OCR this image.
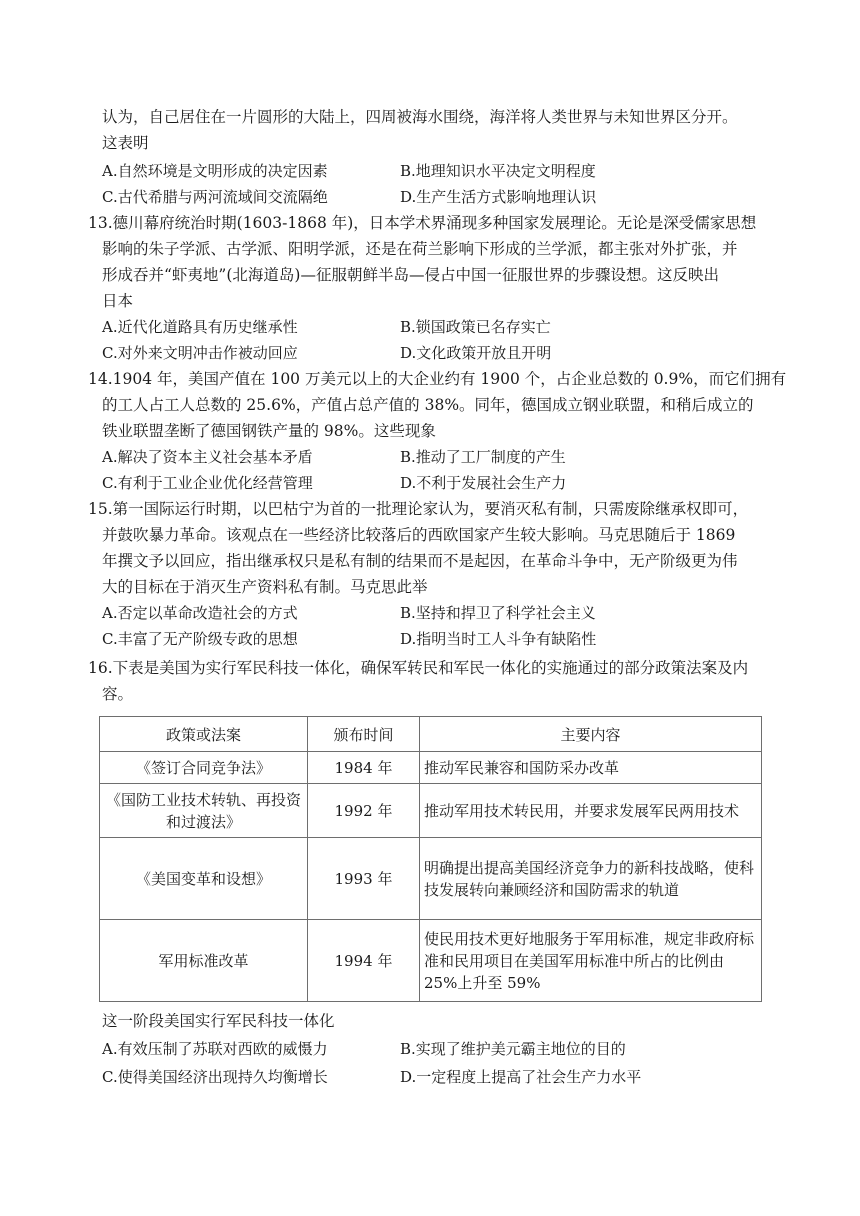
认为，自己居住在一片圆形的大陆上，四周被海水围绕，海洋将人类世界与未知世界区分开。
这表明
A.自然环境是文明形成的决定因素	B.地理知识水平决定文明程度
C.古代希腊与两河流域间交流隔绝	D.生产生活方式影响地理认识
13.德川幕府统治时期(1603-1868 年)，日本学术界涌现多种国家发展理论。无论是深受儒家思想
影响的朱子学派、古学派、阳明学派，还是在荷兰影响下形成的兰学派，都主张对外扩张，并
形成吞并“虾夷地”(北海道岛)—征服朝鲜半岛—侵占中国一征服世界的步骤设想。这反映出
日本
A.近代化道路具有历史继承性	B.锁国政策已名存实亡
C.对外来文明冲击作被动回应	D.文化政策开放且开明
14.1904 年，美国产值在 100 万美元以上的大企业约有 1900 个，占企业总数的 0.9%，而它们拥有
的工人占工人总数的 25.6%，产值占总产值的 38%。同年，德国成立钢业联盟，和稍后成立的
铁业联盟垄断了德国钢铁产量的 98%。这些现象
A.解决了资本主义社会基本矛盾	B.推动了工厂制度的产生
C.有利于工业企业优化经营管理	D.不利于发展社会生产力
15.第一国际运行时期，以巴枯宁为首的一批理论家认为，要消灭私有制，只需废除继承权即可，
并鼓吹暴力革命。该观点在一些经济比较落后的西欧国家产生较大影响。马克思随后于 1869
年撰文予以回应，指出继承权只是私有制的结果而不是起因，在革命斗争中，无产阶级更为伟
大的目标在于消灭生产资料私有制。马克思此举
A.否定以革命改造社会的方式	B.坚持和捍卫了科学社会主义
C.丰富了无产阶级专政的思想	D.指明当时工人斗争有缺陷性
16.下表是美国为实行军民科技一体化，确保军转民和军民一体化的实施通过的部分政策法案及内
容。
政策或法案	颁布时间	主要内容
《签订合同竞争法》	1984 年	推动军民兼容和国防采办改革
《国防工业技术转轨、再投资和过渡法》	1992 年	推动军用技术转民用，并要求发展军民两用技术
《美国变革和设想》	1993 年	明确提出提高美国经济竞争力的新科技战略，使科技发展转向兼顾经济和国防需求的轨道
军用标准改革	1994 年	使民用技术更好地服务于军用标准，规定非政府标准和民用项目在美国军用标准中所占的比例由 25%上升至 59%
这一阶段美国实行军民科技一体化
A.有效压制了苏联对西欧的威慑力	B.实现了维护美元霸主地位的目的
C.使得美国经济出现持久均衡增长	D.一定程度上提高了社会生产力水平
